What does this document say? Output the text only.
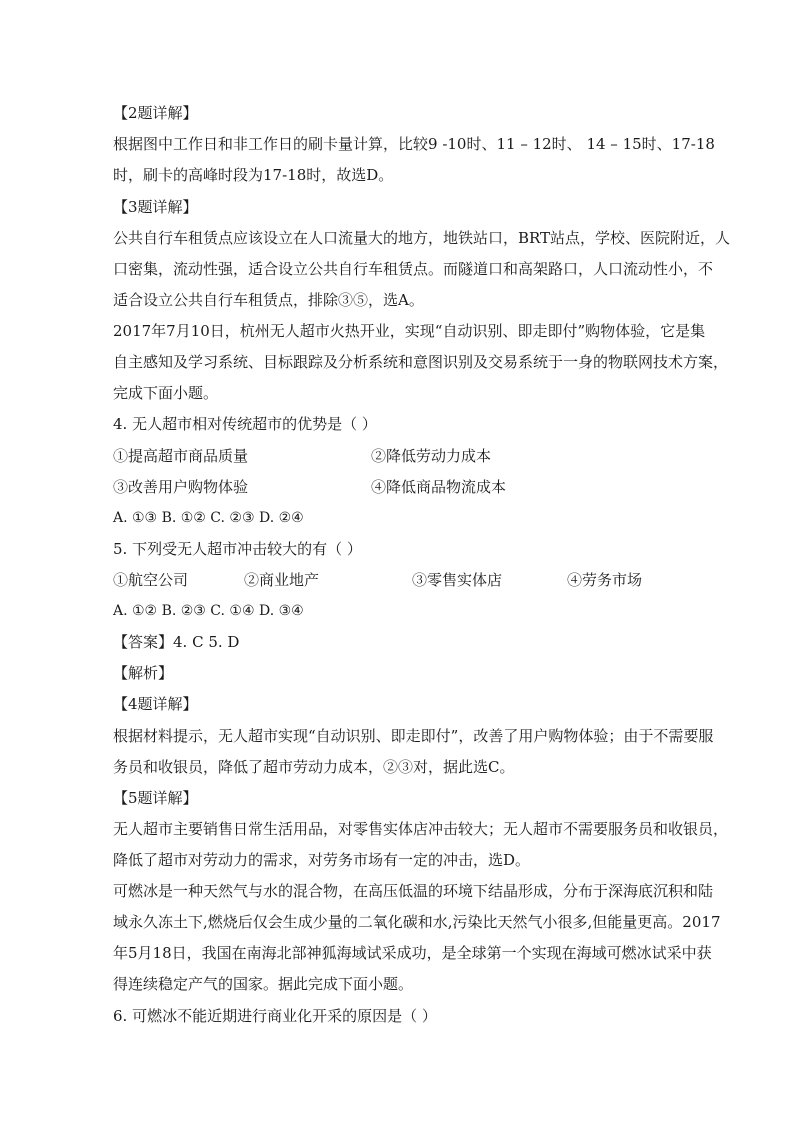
【2题详解】
根据图中工作日和非工作日的刷卡量计算，比较9 -10时、11 – 12时、 14 – 15时、17-18
时，刷卡的高峰时段为17-18时，故选D。
【3题详解】
公共自行车租赁点应该设立在人口流量大的地方，地铁站口，BRT站点，学校、医院附近，人
口密集，流动性强，适合设立公共自行车租赁点。而隧道口和高架路口，人口流动性小，不
适合设立公共自行车租赁点，排除③⑤，选A。
2017年7月10日，杭州无人超市火热开业，实现“自动识别、即走即付”购物体验，它是集
自主感知及学习系统、目标跟踪及分析系统和意图识别及交易系统于一身的物联网技术方案，
完成下面小题。
4. 无人超市相对传统超市的优势是（ ）
①提高超市商品质量	②降低劳动力成本
③改善用户购物体验	④降低商品物流成本
A. ①③ B. ①② C. ②③ D. ②④
5. 下列受无人超市冲击较大的有（ ）
①航空公司	②商业地产	③零售实体店	④劳务市场
A. ①② B. ②③ C. ①④ D. ③④
【答案】4. C 5. D
【解析】
【4题详解】
根据材料提示，无人超市实现“自动识别、即走即付”，改善了用户购物体验；由于不需要服
务员和收银员，降低了超市劳动力成本，②③对，据此选C。
【5题详解】
无人超市主要销售日常生活用品，对零售实体店冲击较大；无人超市不需要服务员和收银员，
降低了超市对劳动力的需求，对劳务市场有一定的冲击，选D。
可燃冰是一种天然气与水的混合物，在高压低温的环境下结晶形成，分布于深海底沉积和陆
域永久冻土下,燃烧后仅会生成少量的二氧化碳和水,污染比天然气小很多,但能量更高。2017
年5月18日，我国在南海北部神狐海域试采成功，是全球第一个实现在海域可燃冰试采中获
得连续稳定产气的国家。据此完成下面小题。
6. 可燃冰不能近期进行商业化开采的原因是（ ）
